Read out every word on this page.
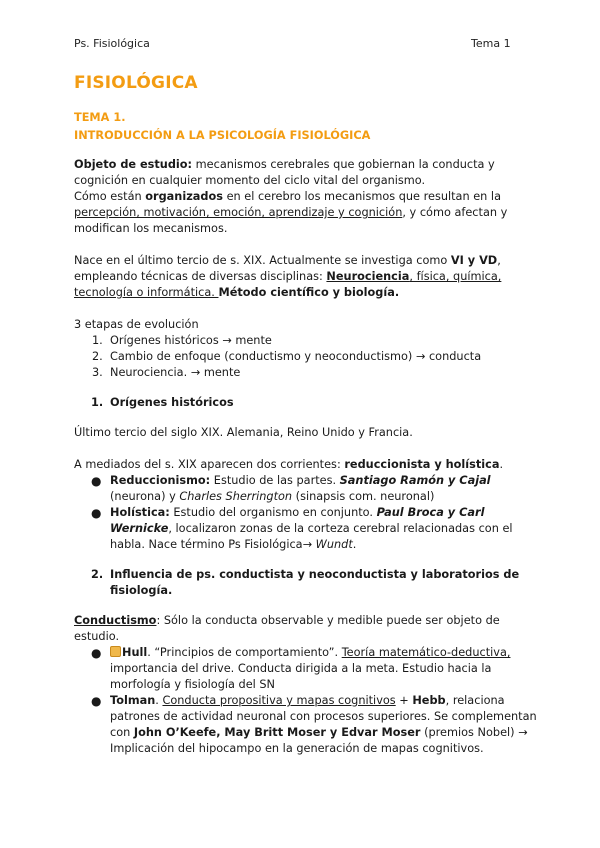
Ps. Fisiológica	Tema 1
FISIOLÓGICA
TEMA 1.
INTRODUCCIÓN A LA PSICOLOGÍA FISIOLÓGICA

Objeto de estudio: mecanismos cerebrales que gobiernan la conducta y cognición en cualquier momento del ciclo vital del organismo.

Cómo están organizados en el cerebro los mecanismos que resultan en la percepción, motivación, emoción, aprendizaje y cognición, y cómo afectan y modifican los mecanismos.

Nace en el último tercio de s. XIX. Actualmente se investiga como VI y VD, empleando técnicas de diversas disciplinas: Neurociencia, física, química, tecnología o informática. Método científico y biología.

3 etapas de evolución

1. Orígenes históricos → mente
2. Cambio de enfoque (conductismo y neoconductismo) → conducta
3. Neurociencia. → mente
1. Orígenes históricos

Último tercio del siglo XIX. Alemania, Reino Unido y Francia.

A mediados del s. XIX aparecen dos corrientes: reduccionista y holística.

● Reduccionismo: Estudio de las partes. Santiago Ramón y Cajal (neurona) y Charles Sherrington (sinapsis com. neuronal)
● Holística: Estudio del organismo en conjunto. Paul Broca y Carl Wernicke, localizaron zonas de la corteza cerebral relacionadas con el habla. Nace término Ps Fisiológica→ Wundt.
2. Influencia de ps. conductista y neoconductista y laboratorios de fisiología.

Conductismo: Sólo la conducta observable y medible puede ser objeto de estudio.

● Hull. “Principios de comportamiento”. Teoría matemático-deductiva, importancia del drive. Conducta dirigida a la meta. Estudio hacia la morfología y fisiología del SN
● Tolman. Conducta propositiva y mapas cognitivos + Hebb, relaciona patrones de actividad neuronal con procesos superiores. Se complementan con John O’Keefe, May Britt Moser y Edvar Moser (premios Nobel) → Implicación del hipocampo en la generación de mapas cognitivos.
